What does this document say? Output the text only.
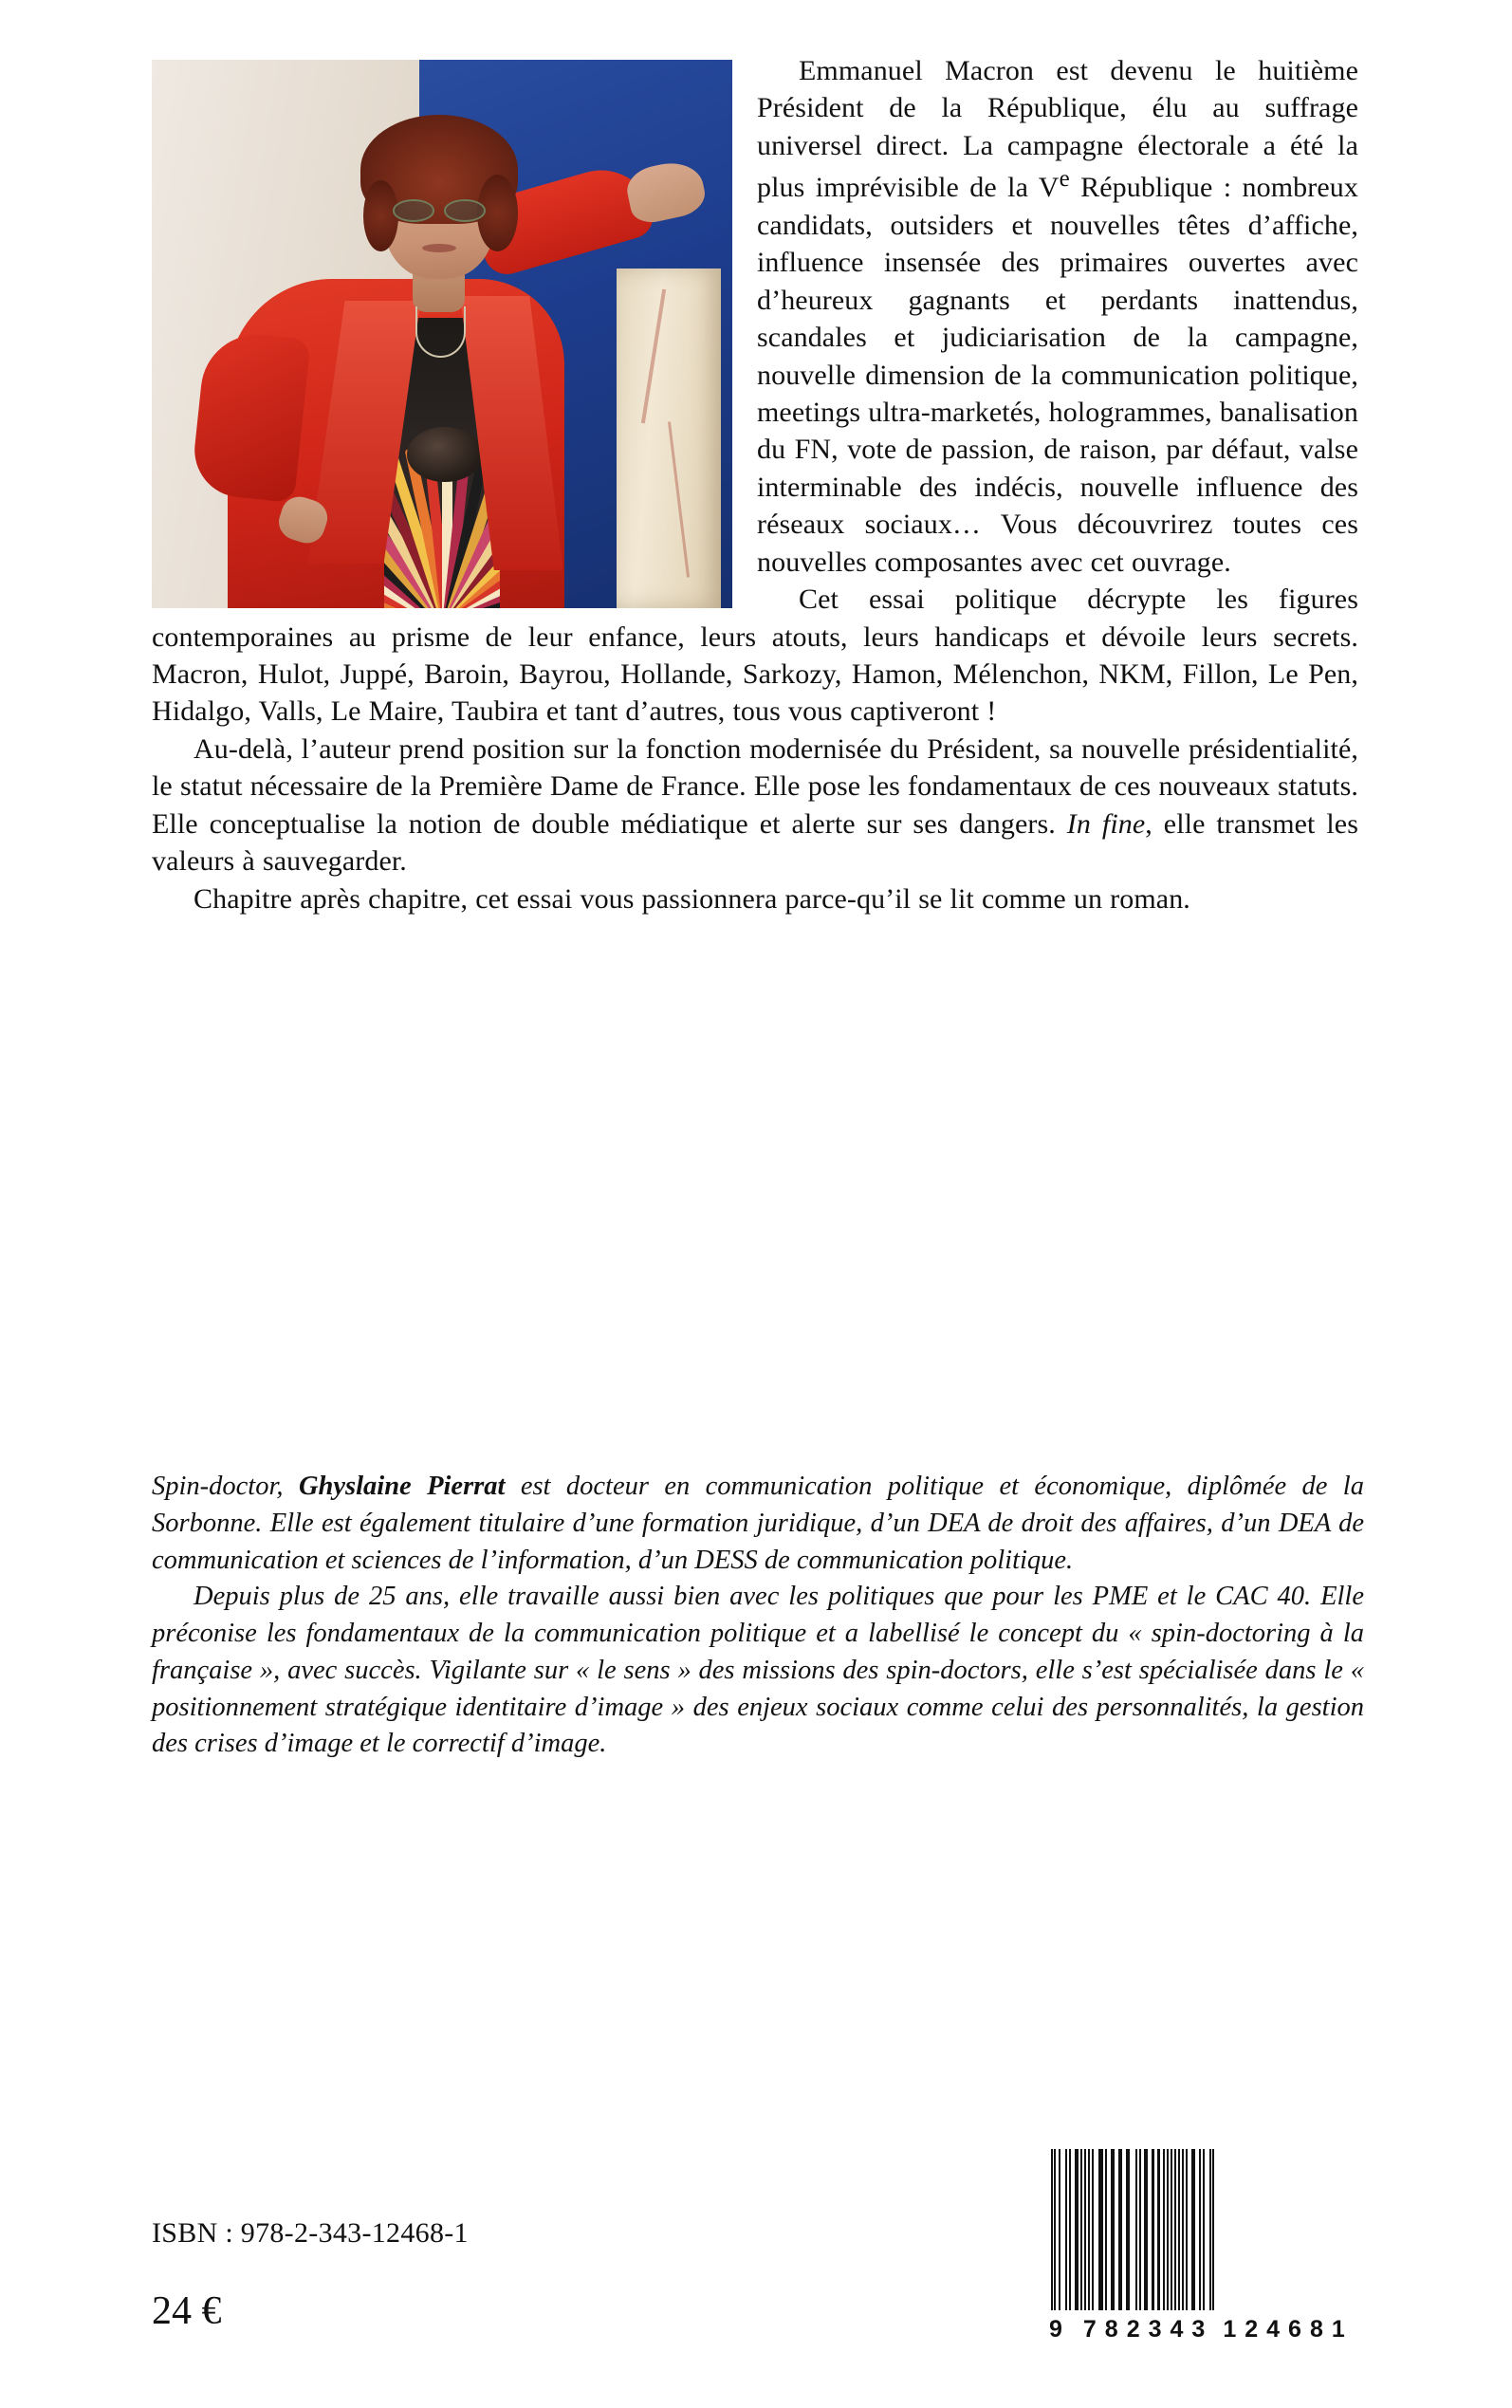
Emmanuel Macron est devenu le huitième Président de la République, élu au suffrage universel direct. La campagne électorale a été la plus imprévisible de la Ve République : nombreux candidats, outsiders et nouvelles têtes d’affiche, influence insensée des primaires ouvertes avec d’heureux gagnants et perdants inattendus, scandales et judiciarisation de la campagne, nouvelle dimension de la communication politique, meetings ultra-marketés, hologrammes, banalisation du FN, vote de passion, de raison, par défaut, valse interminable des indécis, nouvelle influence des réseaux sociaux… Vous découvrirez toutes ces nouvelles composantes avec cet ouvrage.

Cet essai politique décrypte les figures contemporaines au prisme de leur enfance, leurs atouts, leurs handicaps et dévoile leurs secrets. Macron, Hulot, Juppé, Baroin, Bayrou, Hollande, Sarkozy, Hamon, Mélenchon, NKM, Fillon, Le Pen, Hidalgo, Valls, Le Maire, Taubira et tant d’autres, tous vous captiveront !

Au-delà, l’auteur prend position sur la fonction modernisée du Président, sa nouvelle présidentialité, le statut nécessaire de la Première Dame de France. Elle pose les fondamentaux de ces nouveaux statuts. Elle conceptualise la notion de double médiatique et alerte sur ses dangers. In fine, elle transmet les valeurs à sauvegarder.

Chapitre après chapitre, cet essai vous passionnera parce-qu’il se lit comme un roman.

Spin-doctor, Ghyslaine Pierrat est docteur en communication politique et économique, diplômée de la Sorbonne. Elle est également titulaire d’une formation juridique, d’un DEA de droit des affaires, d’un DEA de communication et sciences de l’information, d’un DESS de communication politique.

Depuis plus de 25 ans, elle travaille aussi bien avec les politiques que pour les PME et le CAC 40. Elle préconise les fondamentaux de la communication politique et a labellisé le concept du « spin-doctoring à la française », avec succès. Vigilante sur « le sens » des missions des spin-doctors, elle s’est spécialisée dans le « positionnement stratégique identitaire d’image » des enjeux sociaux comme celui des personnalités, la gestion des crises d’image et le correctif d’image.

ISBN : 978-2-343-12468-1
24 €	9 782343 124681
